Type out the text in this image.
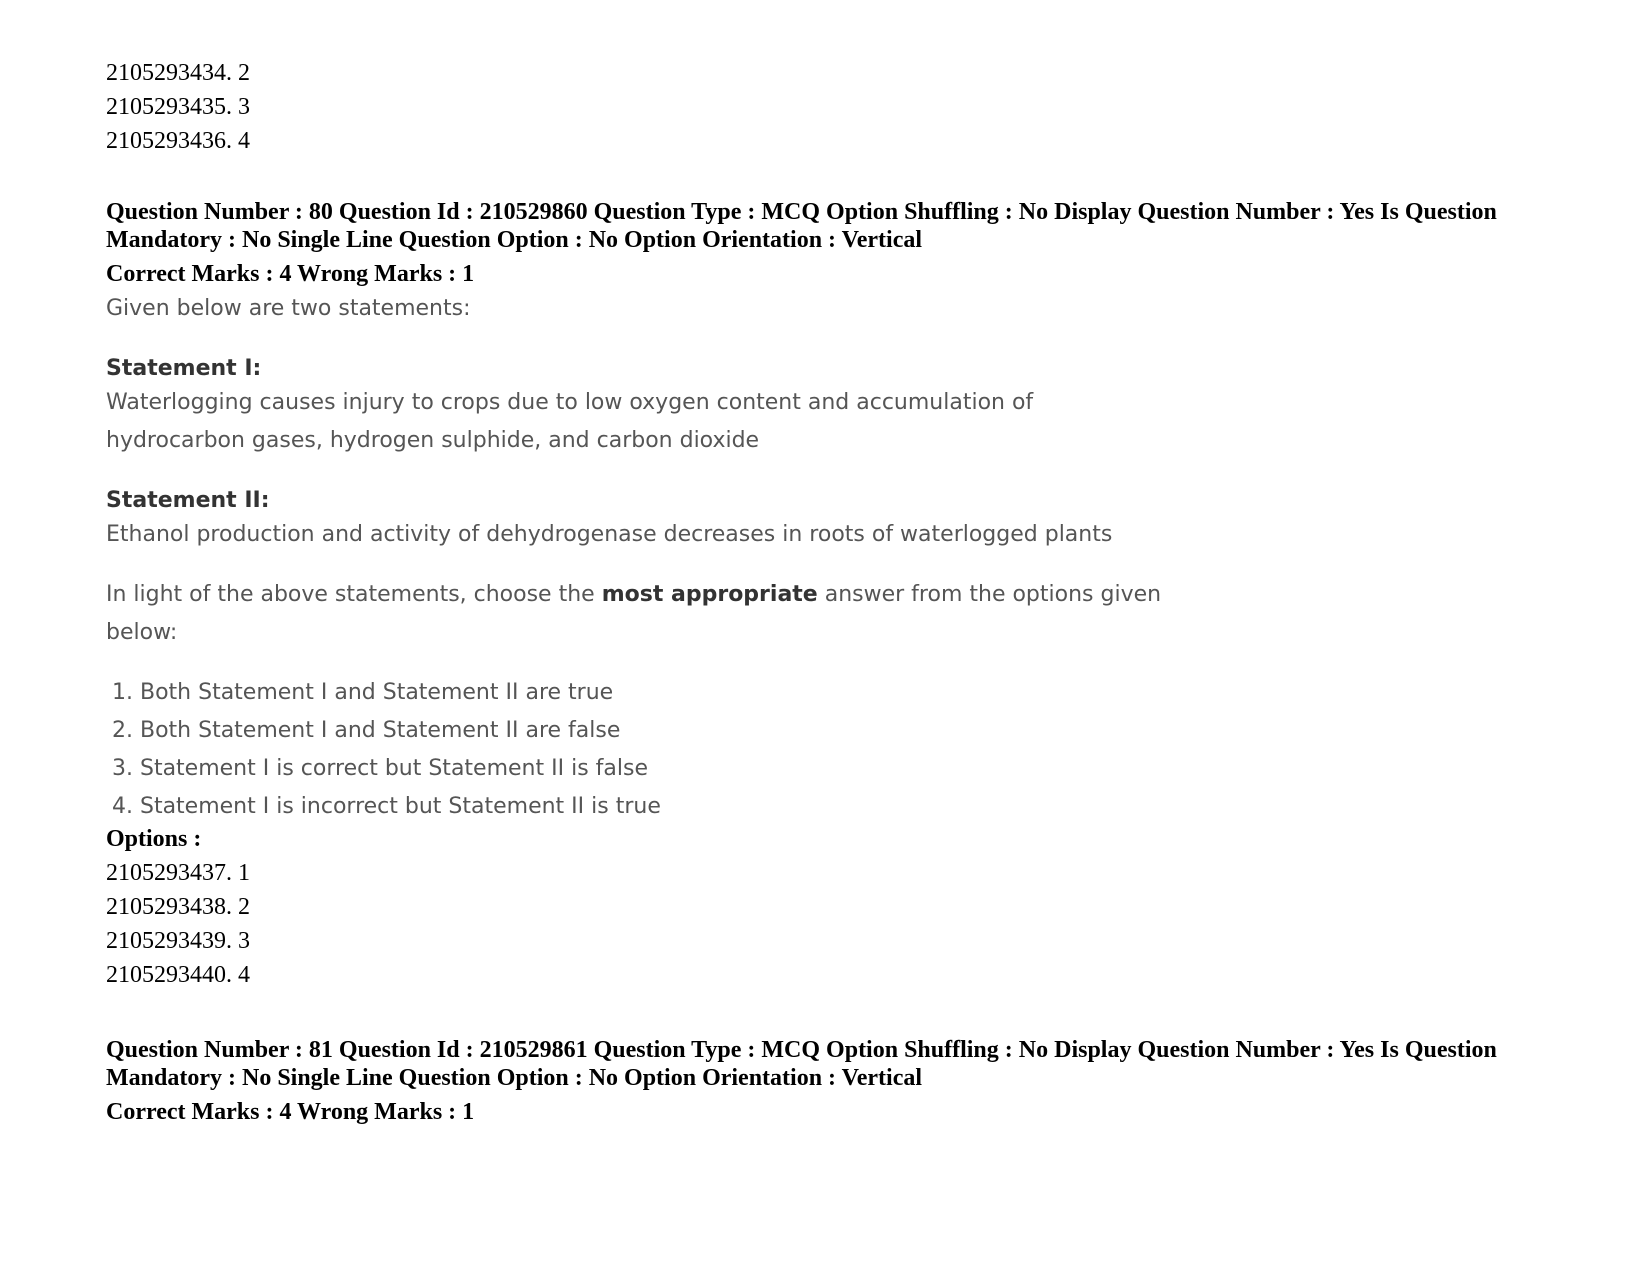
2105293434. 2
2105293435. 3
2105293436. 4
Question Number : 80 Question Id : 210529860 Question Type : MCQ Option Shuffling : No Display Question Number : Yes Is Question
Mandatory : No Single Line Question Option : No Option Orientation : Vertical
Correct Marks : 4 Wrong Marks : 1
Given below are two statements:
Statement I:
Waterlogging causes injury to crops due to low oxygen content and accumulation of
hydrocarbon gases, hydrogen sulphide, and carbon dioxide
Statement II:
Ethanol production and activity of dehydrogenase decreases in roots of waterlogged plants
In light of the above statements, choose the most appropriate answer from the options given
below:
1. Both Statement I and Statement II are true
2. Both Statement I and Statement II are false
3. Statement I is correct but Statement II is false
4. Statement I is incorrect but Statement II is true
Options :
2105293437. 1
2105293438. 2
2105293439. 3
2105293440. 4
Question Number : 81 Question Id : 210529861 Question Type : MCQ Option Shuffling : No Display Question Number : Yes Is Question
Mandatory : No Single Line Question Option : No Option Orientation : Vertical
Correct Marks : 4 Wrong Marks : 1
